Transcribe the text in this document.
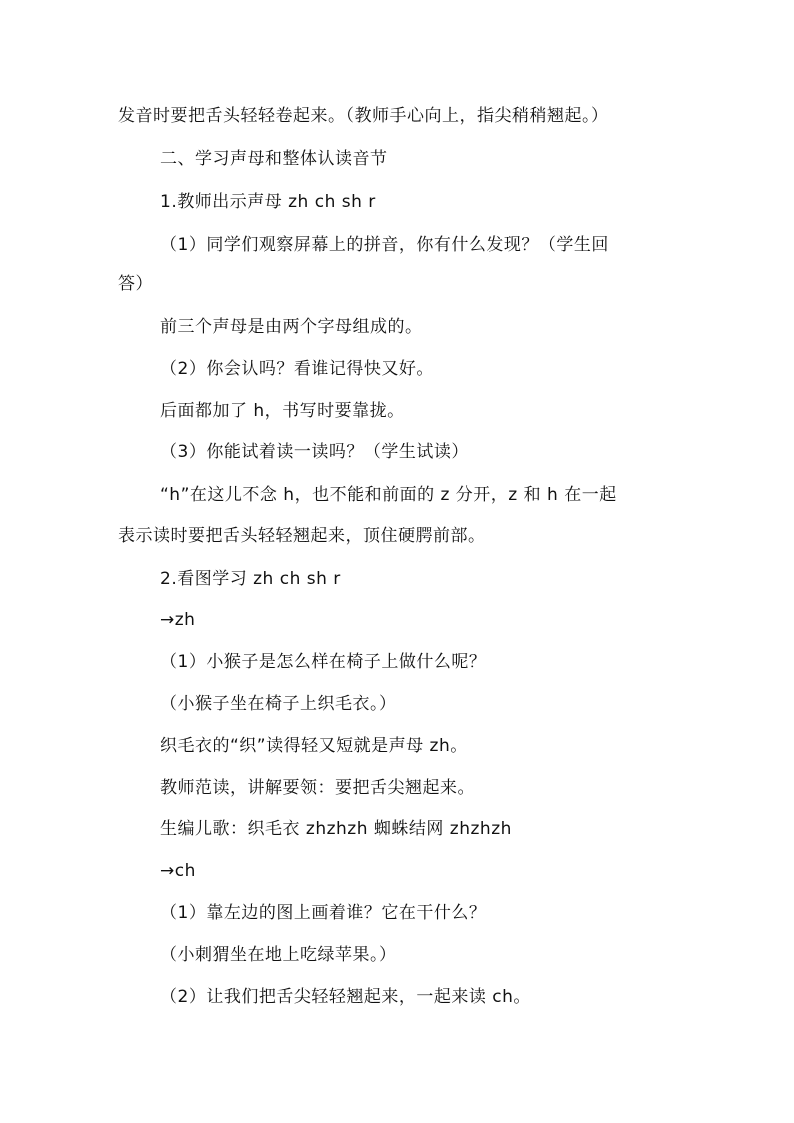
发音时要把舌头轻轻卷起来。（教师手心向上，指尖稍稍翘起。）
二、学习声母和整体认读音节
1.教师出示声母 zh ch sh r
（1）同学们观察屏幕上的拼音，你有什么发现？（学生回
答）
前三个声母是由两个字母组成的。
（2）你会认吗？看谁记得快又好。
后面都加了 h，书写时要靠拢。
（3）你能试着读一读吗？（学生试读）
“h”在这儿不念 h，也不能和前面的 z 分开，z 和 h 在一起
表示读时要把舌头轻轻翘起来，顶住硬腭前部。
2.看图学习 zh ch sh r
→zh
（1）小猴子是怎么样在椅子上做什么呢？
（小猴子坐在椅子上织毛衣。）
织毛衣的“织”读得轻又短就是声母 zh。
教师范读，讲解要领：要把舌尖翘起来。
生编儿歌：织毛衣 zhzhzh 蜘蛛结网 zhzhzh
→ch
（1）靠左边的图上画着谁？它在干什么？
（小刺猬坐在地上吃绿苹果。）
（2）让我们把舌尖轻轻翘起来，一起来读 ch。
